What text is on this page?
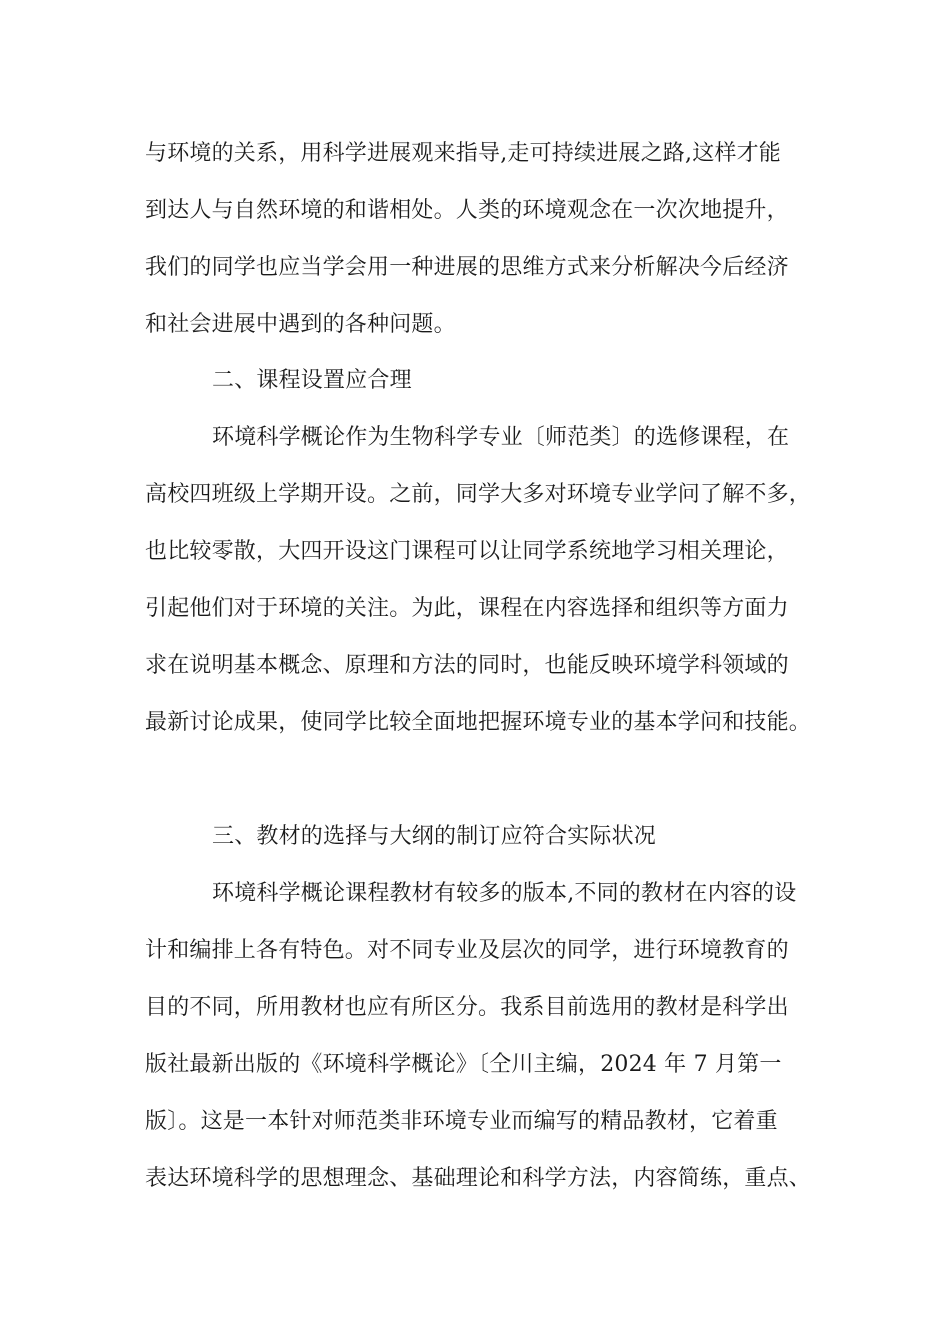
与环境的关系，用科学进展观来指导,走可持续进展之路,这样才能
到达人与自然环境的和谐相处。人类的环境观念在一次次地提升，
我们的同学也应当学会用一种进展的思维方式来分析解决今后经济
和社会进展中遇到的各种问题。
二、课程设置应合理
环境科学概论作为生物科学专业〔师范类〕的选修课程，在
高校四班级上学期开设。之前，同学大多对环境专业学问了解不多，
也比较零散，大四开设这门课程可以让同学系统地学习相关理论，
引起他们对于环境的关注。为此，课程在内容选择和组织等方面力
求在说明基本概念、原理和方法的同时，也能反映环境学科领域的
最新讨论成果，使同学比较全面地把握环境专业的基本学问和技能。
三、教材的选择与大纲的制订应符合实际状况
环境科学概论课程教材有较多的版本,不同的教材在内容的设
计和编排上各有特色。对不同专业及层次的同学，进行环境教育的
目的不同，所用教材也应有所区分。我系目前选用的教材是科学出
版社最新出版的《环境科学概论》〔仝川主编，2024 年 7 月第一
版〕。这是一本针对师范类非环境专业而编写的精品教材，它着重
表达环境科学的思想理念、基础理论和科学方法，内容简练，重点、
